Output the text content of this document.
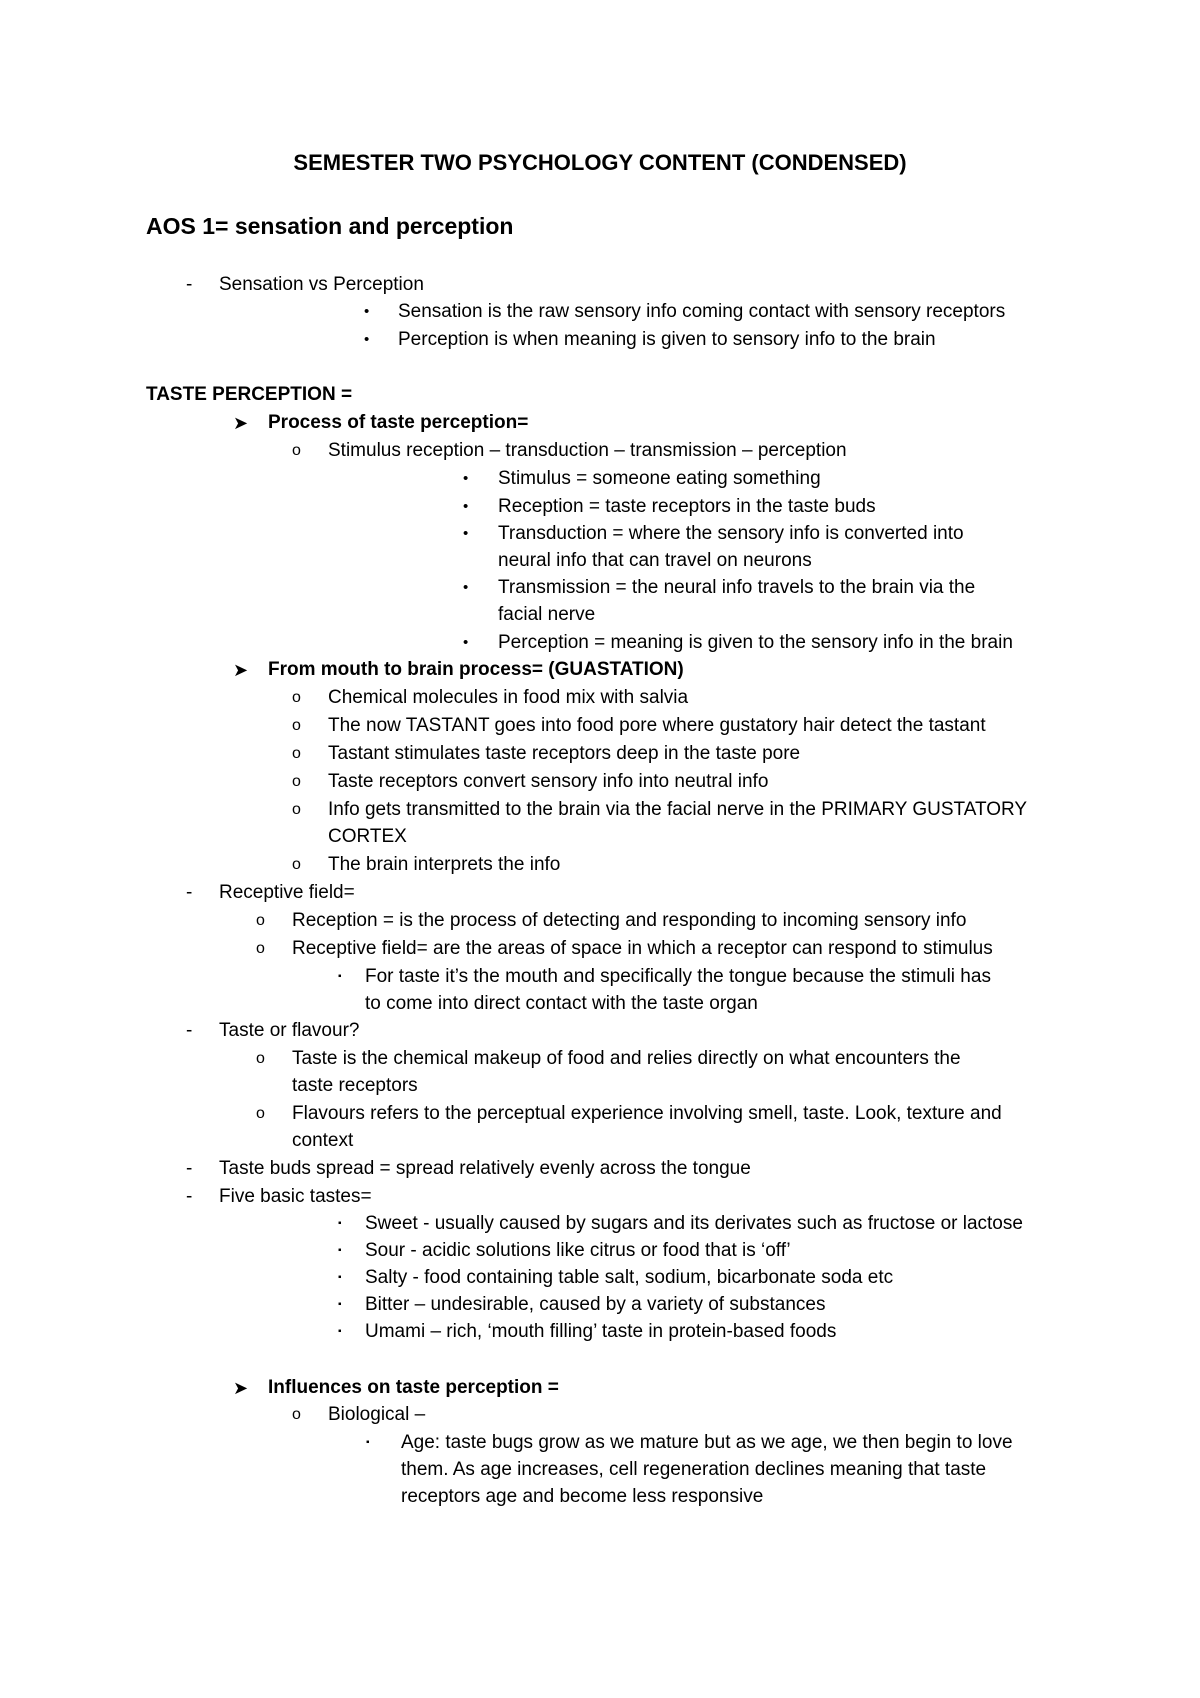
SEMESTER TWO PSYCHOLOGY CONTENT (CONDENSED)
AOS 1= sensation and perception
- Sensation vs Perception
• Sensation is the raw sensory info coming contact with sensory receptors
• Perception is when meaning is given to sensory info to the brain
TASTE PERCEPTION =
➤ Process of taste perception=
o Stimulus reception – transduction – transmission – perception
• Stimulus = someone eating something
• Reception = taste receptors in the taste buds
• Transduction = where the sensory info is converted into
neural info that can travel on neurons
• Transmission = the neural info travels to the brain via the
facial nerve
• Perception = meaning is given to the sensory info in the brain
➤ From mouth to brain process= (GUASTATION)
o Chemical molecules in food mix with salvia
o The now TASTANT goes into food pore where gustatory hair detect the tastant
o Tastant stimulates taste receptors deep in the taste pore
o Taste receptors convert sensory info into neutral info
o Info gets transmitted to the brain via the facial nerve in the PRIMARY GUSTATORY
CORTEX
o The brain interprets the info
- Receptive field=
o Reception = is the process of detecting and responding to incoming sensory info
o Receptive field= are the areas of space in which a receptor can respond to stimulus
▪ For taste it’s the mouth and specifically the tongue because the stimuli has
to come into direct contact with the taste organ
- Taste or flavour?
o Taste is the chemical makeup of food and relies directly on what encounters the
taste receptors
o Flavours refers to the perceptual experience involving smell, taste. Look, texture and
context
- Taste buds spread = spread relatively evenly across the tongue
- Five basic tastes=
▪ Sweet - usually caused by sugars and its derivates such as fructose or lactose
▪ Sour - acidic solutions like citrus or food that is ‘off’
▪ Salty - food containing table salt, sodium, bicarbonate soda etc
▪ Bitter – undesirable, caused by a variety of substances
▪ Umami – rich, ‘mouth filling’ taste in protein-based foods
➤ Influences on taste perception =
o Biological –
▪ Age: taste bugs grow as we mature but as we age, we then begin to love
them. As age increases, cell regeneration declines meaning that taste
receptors age and become less responsive
